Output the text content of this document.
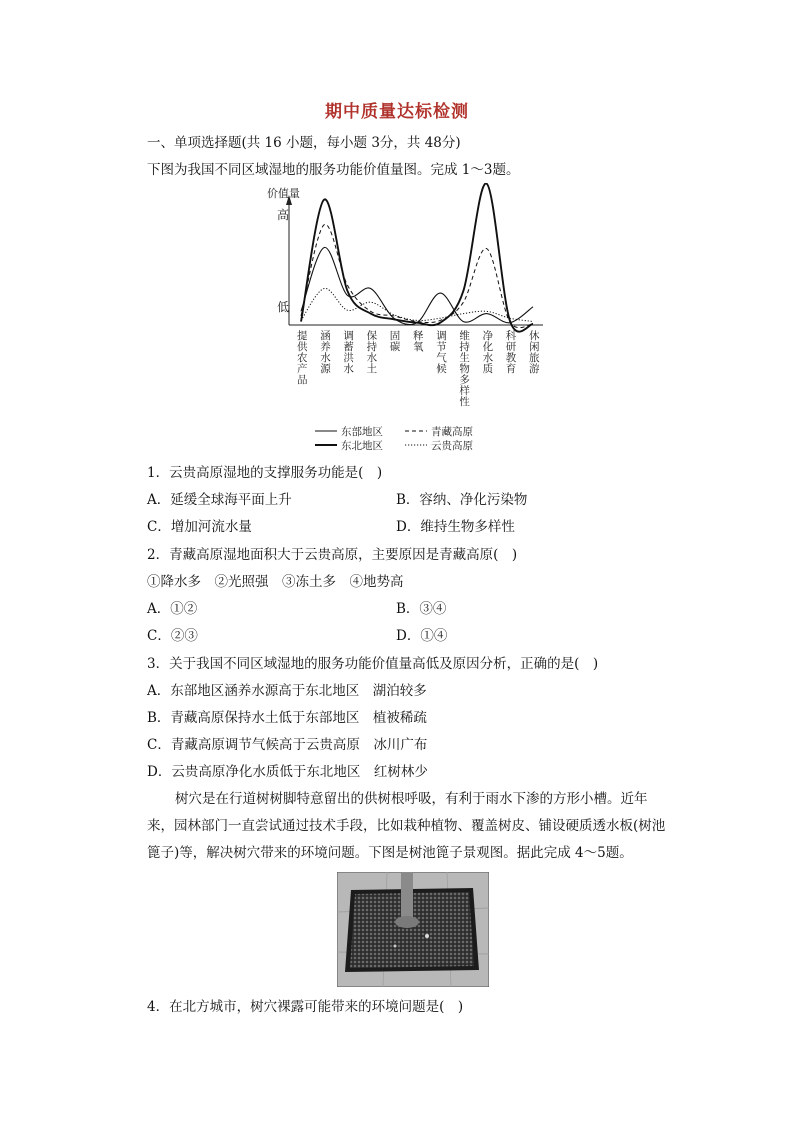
期中质量达标检测
一、单项选择题(共 16 小题，每小题 3分，共 48分)
下图为我国不同区域湿地的服务功能价值量图。完成 1～3题。
价值量
高
低
提供农产品
涵养水源
调蓄洪水
保持水土
固碳
释氧
调节气候
维持生物多样性
净化水质
科研教育
休闲旅游
东部地区	青藏高原
东北地区	云贵高原
1．云贵高原湿地的支撑服务功能是(　)
A．延缓全球海平面上升	B．容纳、净化污染物
C．增加河流水量	D．维持生物多样性
2．青藏高原湿地面积大于云贵高原，主要原因是青藏高原(　)
①降水多　②光照强　③冻土多　④地势高
A．①②	B．③④
C．②③	D．①④
3．关于我国不同区域湿地的服务功能价值量高低及原因分析，正确的是(　)
A．东部地区涵养水源高于东北地区　湖泊较多
B．青藏高原保持水土低于东部地区　植被稀疏
C．青藏高原调节气候高于云贵高原　冰川广布
D．云贵高原净化水质低于东北地区　红树林少
树穴是在行道树树脚特意留出的供树根呼吸，有利于雨水下渗的方形小槽。近年来，园林部门一直尝试通过技术手段，比如栽种植物、覆盖树皮、铺设硬质透水板(树池篦子)等，解决树穴带来的环境问题。下图是树池篦子景观图。据此完成 4～5题。
4．在北方城市，树穴裸露可能带来的环境问题是(　)
